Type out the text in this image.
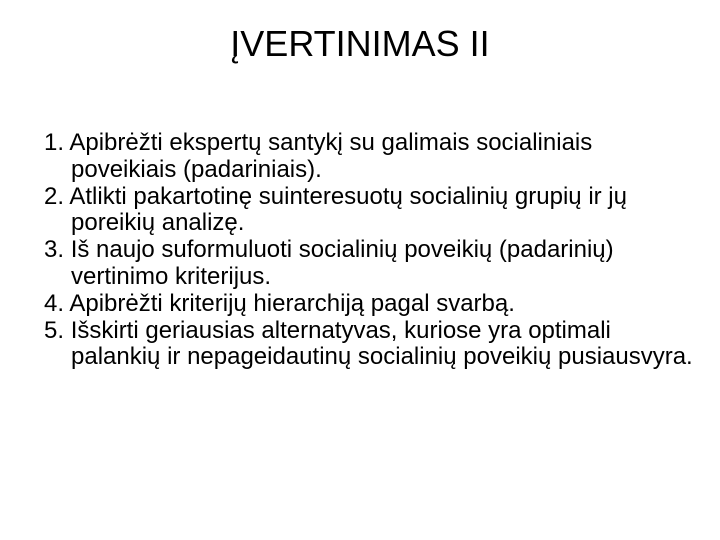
ĮVERTINIMAS II
1. Apibrėžti ekspertų santykį su galimais socialiniais poveikiais (padariniais).
2. Atlikti pakartotinę suinteresuotų socialinių grupių ir jų poreikių analizę.
3. Iš naujo suformuluoti socialinių poveikių (padarinių) vertinimo kriterijus.
4. Apibrėžti kriterijų hierarchiją pagal svarbą.
5. Išskirti geriausias alternatyvas, kuriose yra optimali palankių ir nepageidautinų socialinių poveikių pusiausvyra.
